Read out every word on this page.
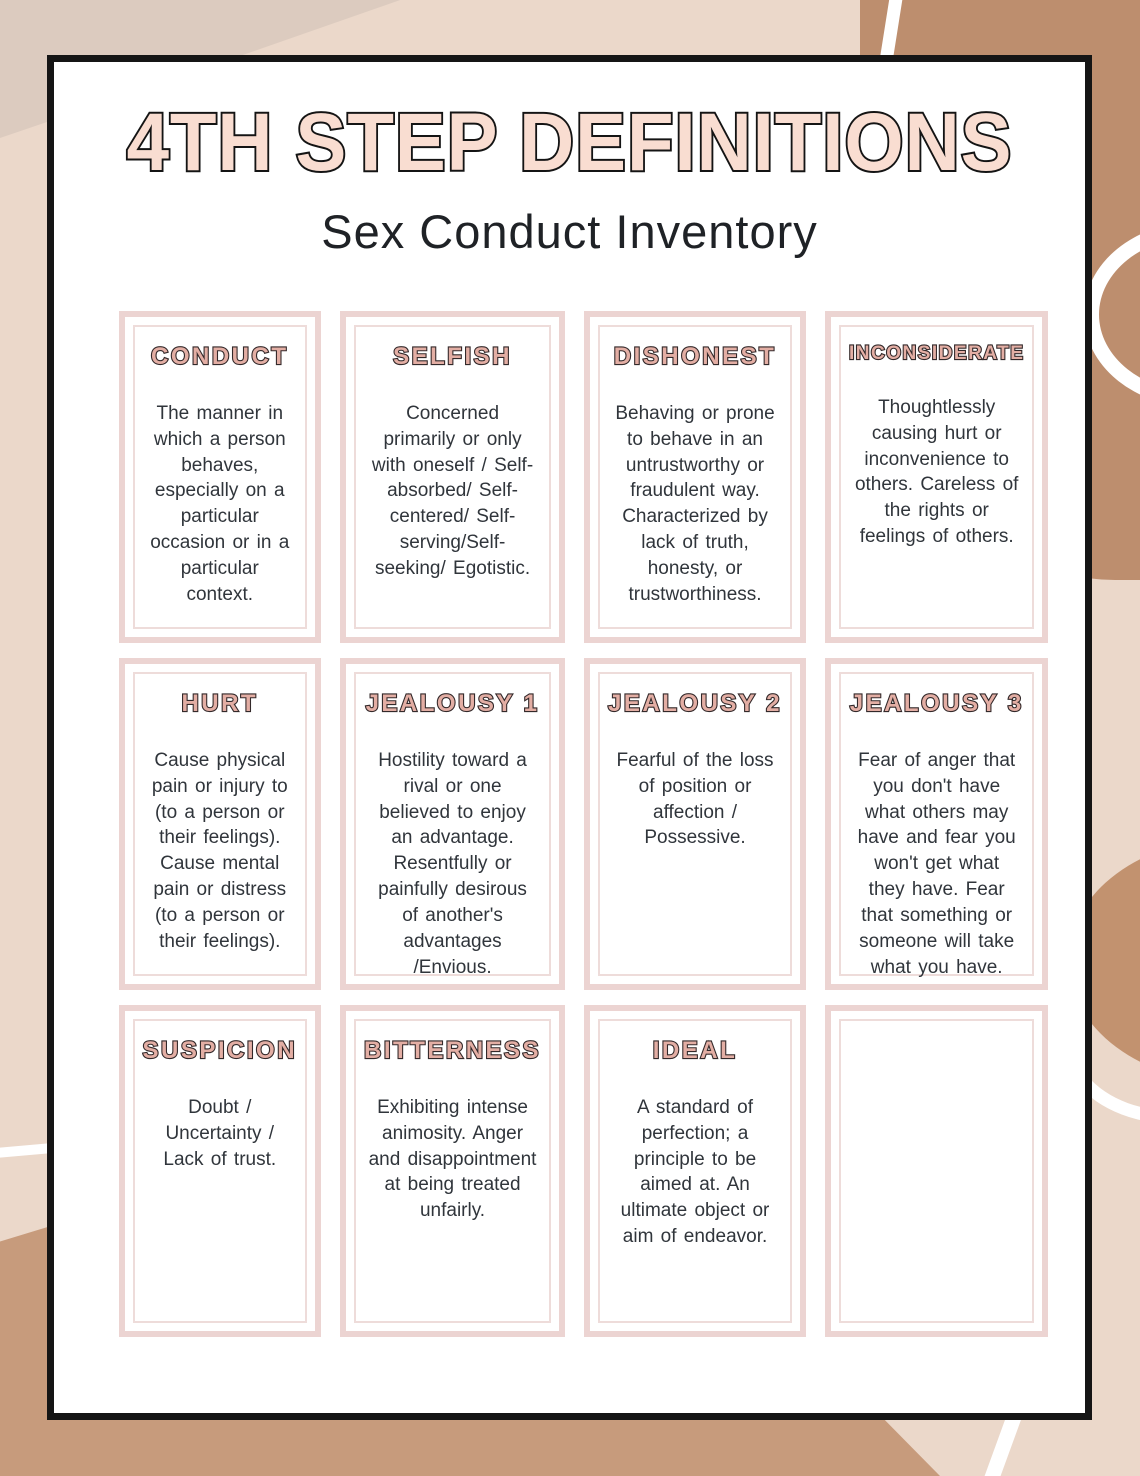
4TH STEP DEFINITIONS
Sex Conduct Inventory
CONDUCT
The manner in which a person behaves, especially on a particular occasion or in a particular context.
SELFISH
Concerned primarily or only with oneself / Self-absorbed/ Self-centered/ Self-serving/Self-seeking/ Egotistic.
DISHONEST
Behaving or prone to behave in an untrustworthy or fraudulent way. Characterized by lack of truth, honesty, or trustworthiness.
INCONSIDERATE
Thoughtlessly causing hurt or inconvenience to others. Careless of the rights or feelings of others.
HURT
Cause physical pain or injury to (to a person or their feelings). Cause mental pain or distress (to a person or their feelings).
JEALOUSY 1
Hostility toward a rival or one believed to enjoy an advantage. Resentfully or painfully desirous of another's advantages /Envious.
JEALOUSY 2
Fearful of the loss of position or affection / Possessive.
JEALOUSY 3
Fear of anger that you don't have what others may have and fear you won't get what they have. Fear that something or someone will take what you have.
SUSPICION
Doubt / Uncertainty / Lack of trust.
BITTERNESS
Exhibiting intense animosity. Anger and disappointment at being treated unfairly.
IDEAL
A standard of perfection; a principle to be aimed at. An ultimate object or aim of endeavor.
